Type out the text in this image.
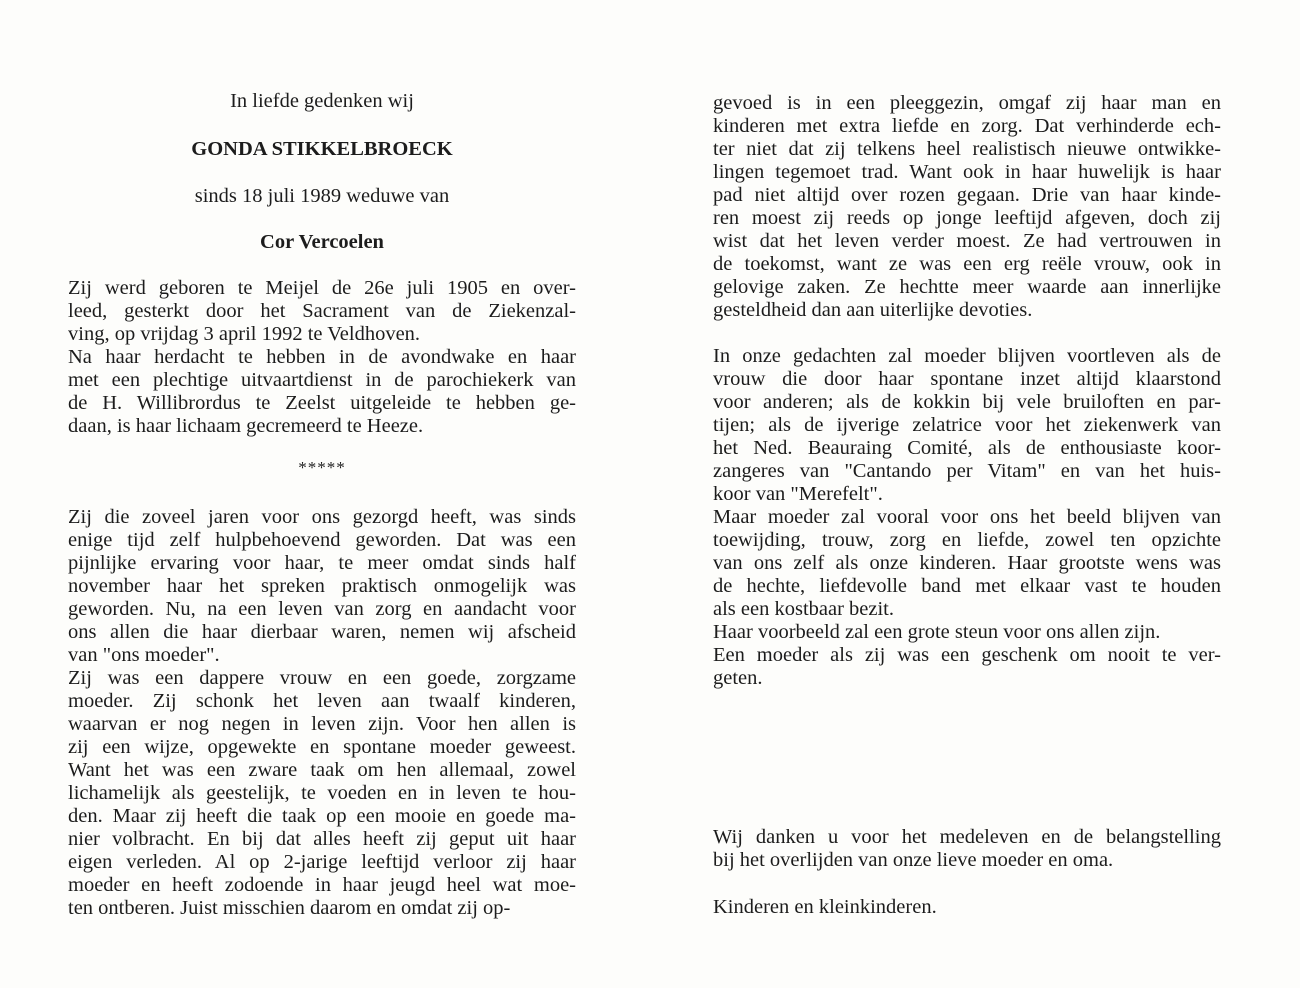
In liefde gedenken wij
GONDA STIKKELBROECK
sinds 18 juli 1989 weduwe van
Cor Vercoelen
Zij werd geboren te Meijel de 26e juli 1905 en over-
leed, gesterkt door het Sacrament van de Ziekenzal-
ving, op vrijdag 3 april 1992 te Veldhoven.
Na haar herdacht te hebben in de avondwake en haar
met een plechtige uitvaartdienst in de parochiekerk van
de H. Willibrordus te Zeelst uitgeleide te hebben ge-
daan, is haar lichaam gecremeerd te Heeze.
*****
Zij die zoveel jaren voor ons gezorgd heeft, was sinds
enige tijd zelf hulpbehoevend geworden. Dat was een
pijnlijke ervaring voor haar, te meer omdat sinds half
november haar het spreken praktisch onmogelijk was
geworden. Nu, na een leven van zorg en aandacht voor
ons allen die haar dierbaar waren, nemen wij afscheid
van "ons moeder".
Zij was een dappere vrouw en een goede, zorgzame
moeder. Zij schonk het leven aan twaalf kinderen,
waarvan er nog negen in leven zijn. Voor hen allen is
zij een wijze, opgewekte en spontane moeder geweest.
Want het was een zware taak om hen allemaal, zowel
lichamelijk als geestelijk, te voeden en in leven te hou-
den. Maar zij heeft die taak op een mooie en goede ma-
nier volbracht. En bij dat alles heeft zij geput uit haar
eigen verleden. Al op 2-jarige leeftijd verloor zij haar
moeder en heeft zodoende in haar jeugd heel wat moe-
ten ontberen. Juist misschien daarom en omdat zij op-
gevoed is in een pleeggezin, omgaf zij haar man en
kinderen met extra liefde en zorg. Dat verhinderde ech-
ter niet dat zij telkens heel realistisch nieuwe ontwikke-
lingen tegemoet trad. Want ook in haar huwelijk is haar
pad niet altijd over rozen gegaan. Drie van haar kinde-
ren moest zij reeds op jonge leeftijd afgeven, doch zij
wist dat het leven verder moest. Ze had vertrouwen in
de toekomst, want ze was een erg reële vrouw, ook in
gelovige zaken. Ze hechtte meer waarde aan innerlijke
gesteldheid dan aan uiterlijke devoties.
In onze gedachten zal moeder blijven voortleven als de
vrouw die door haar spontane inzet altijd klaarstond
voor anderen; als de kokkin bij vele bruiloften en par-
tijen; als de ijverige zelatrice voor het ziekenwerk van
het Ned. Beauraing Comité, als de enthousiaste koor-
zangeres van "Cantando per Vitam" en van het huis-
koor van "Merefelt".
Maar moeder zal vooral voor ons het beeld blijven van
toewijding, trouw, zorg en liefde, zowel ten opzichte
van ons zelf als onze kinderen. Haar grootste wens was
de hechte, liefdevolle band met elkaar vast te houden
als een kostbaar bezit.
Haar voorbeeld zal een grote steun voor ons allen zijn.
Een moeder als zij was een geschenk om nooit te ver-
geten.
Wij danken u voor het medeleven en de belangstelling
bij het overlijden van onze lieve moeder en oma.
Kinderen en kleinkinderen.
